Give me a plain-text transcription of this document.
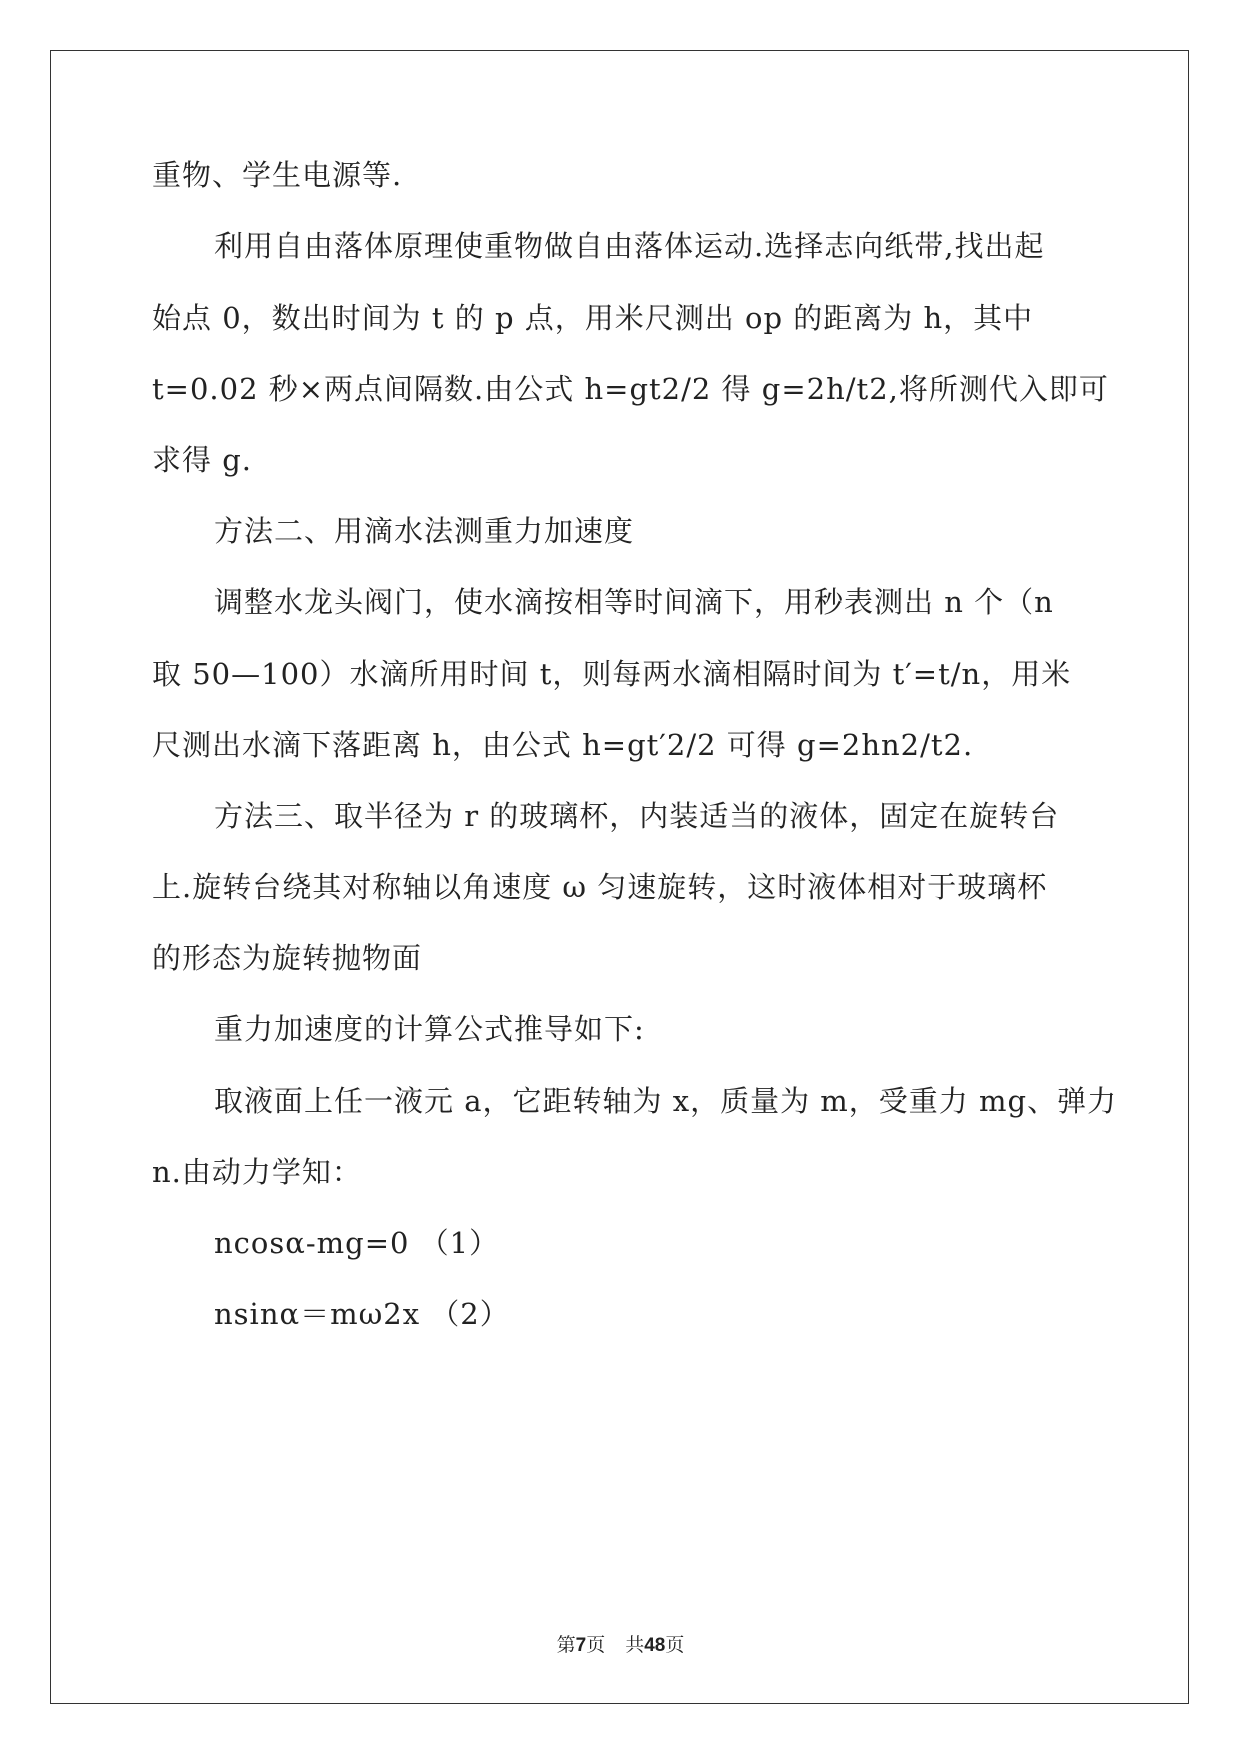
重物、学生电源等.
利用自由落体原理使重物做自由落体运动.选择志向纸带,找出起
始点 0，数出时间为 t 的 p 点，用米尺测出 op 的距离为 h，其中
t=0.02 秒×两点间隔数.由公式 h=gt2/2 得 g=2h/t2,将所测代入即可
求得 g.
方法二、用滴水法测重力加速度
调整水龙头阀门，使水滴按相等时间滴下，用秒表测出 n 个（n
取 50—100）水滴所用时间 t，则每两水滴相隔时间为 t′=t/n，用米
尺测出水滴下落距离 h，由公式 h=gt′2/2 可得 g=2hn2/t2.
方法三、取半径为 r 的玻璃杯，内装适当的液体，固定在旋转台
上.旋转台绕其对称轴以角速度 ω 匀速旋转，这时液体相对于玻璃杯
的形态为旋转抛物面
重力加速度的计算公式推导如下:
取液面上任一液元 a，它距转轴为 x，质量为 m，受重力 mg、弹力
n.由动力学知：
ncosα-mg=0 （1）
nsinα＝mω2x （2）
第7页 共48页
